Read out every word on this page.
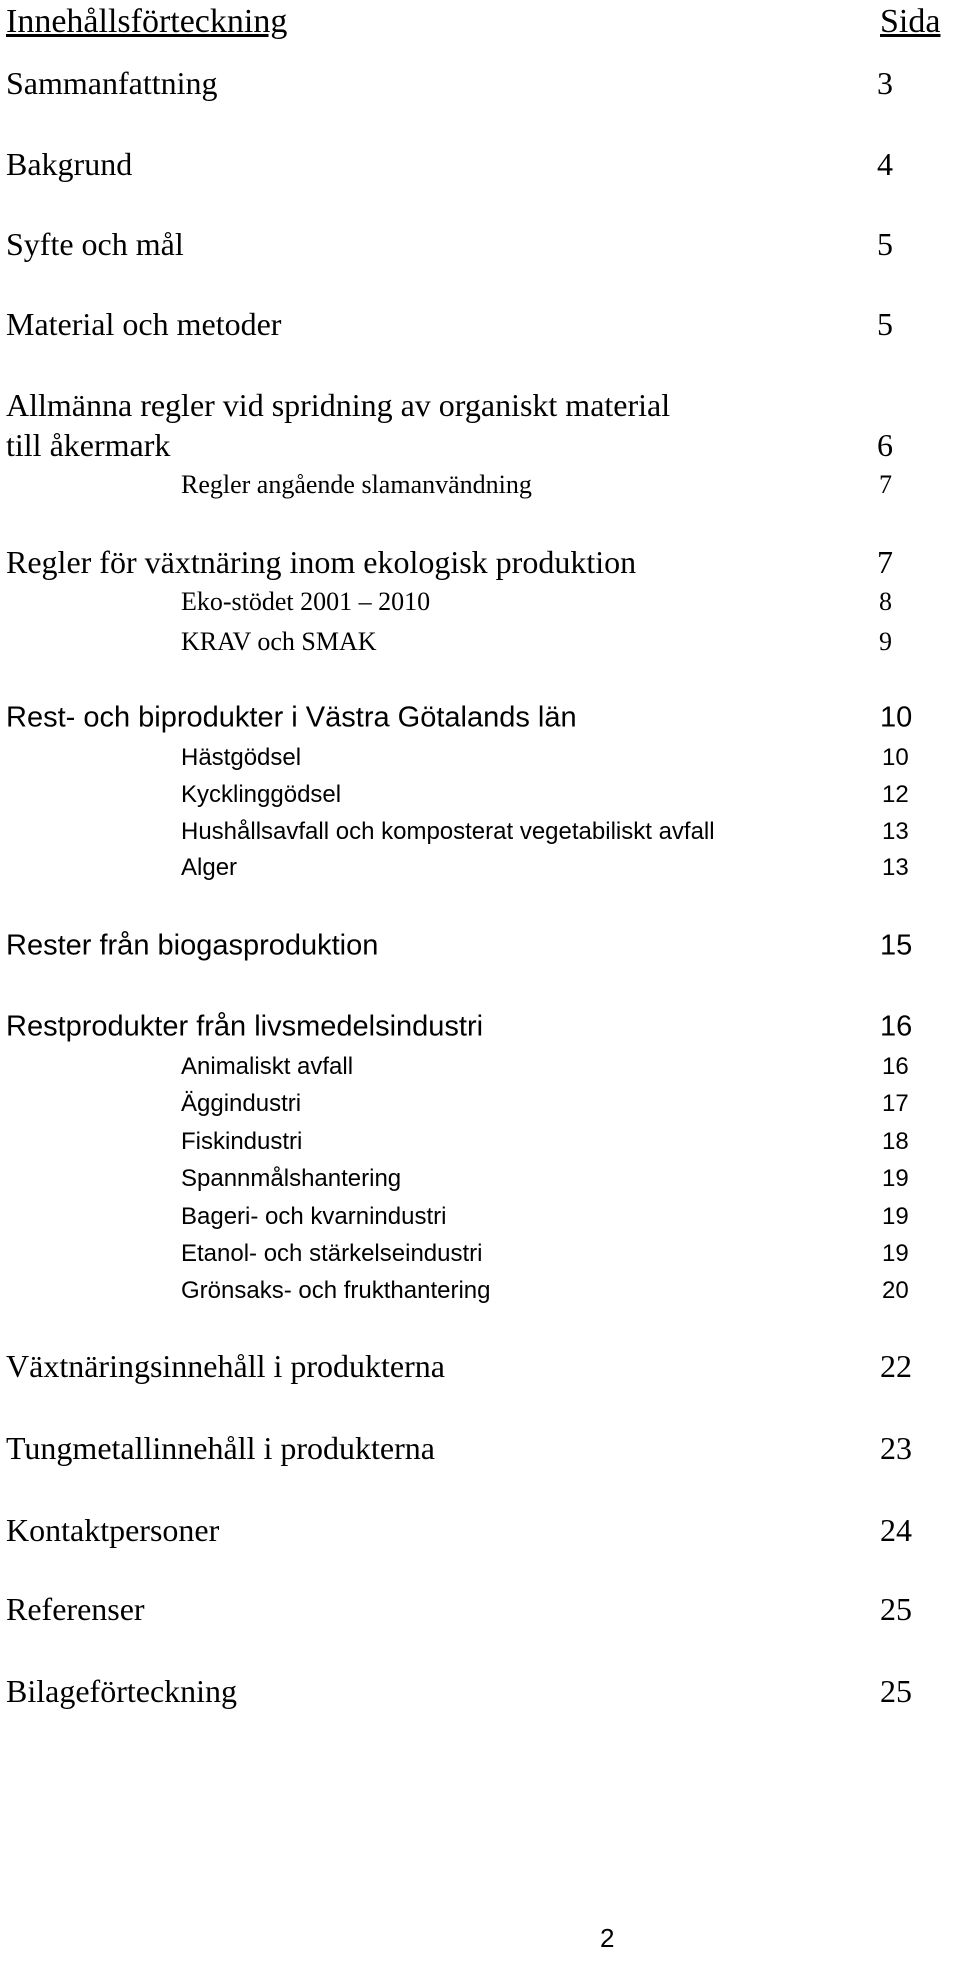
Innehållsförteckning	Sida
Sammanfattning	3
Bakgrund	4
Syfte och mål	5
Material och metoder	5
Allmänna regler vid spridning av organiskt material
till åkermark	6
Regler angående slamanvändning	7
Regler för växtnäring inom ekologisk produktion	7
Eko-stödet 2001 – 2010	8
KRAV och SMAK	9
Rest- och biprodukter i Västra Götalands län	10
Hästgödsel	10
Kycklinggödsel	12
Hushållsavfall och komposterat vegetabiliskt avfall	13
Alger	13
Rester från biogasproduktion	15
Restprodukter från livsmedelsindustri	16
Animaliskt avfall	16
Äggindustri	17
Fiskindustri	18
Spannmålshantering	19
Bageri- och kvarnindustri	19
Etanol- och stärkelseindustri	19
Grönsaks- och frukthantering	20
Växtnäringsinnehåll i produkterna	22
Tungmetallinnehåll i produkterna	23
Kontaktpersoner	24
Referenser	25
Bilageförteckning	25
2
